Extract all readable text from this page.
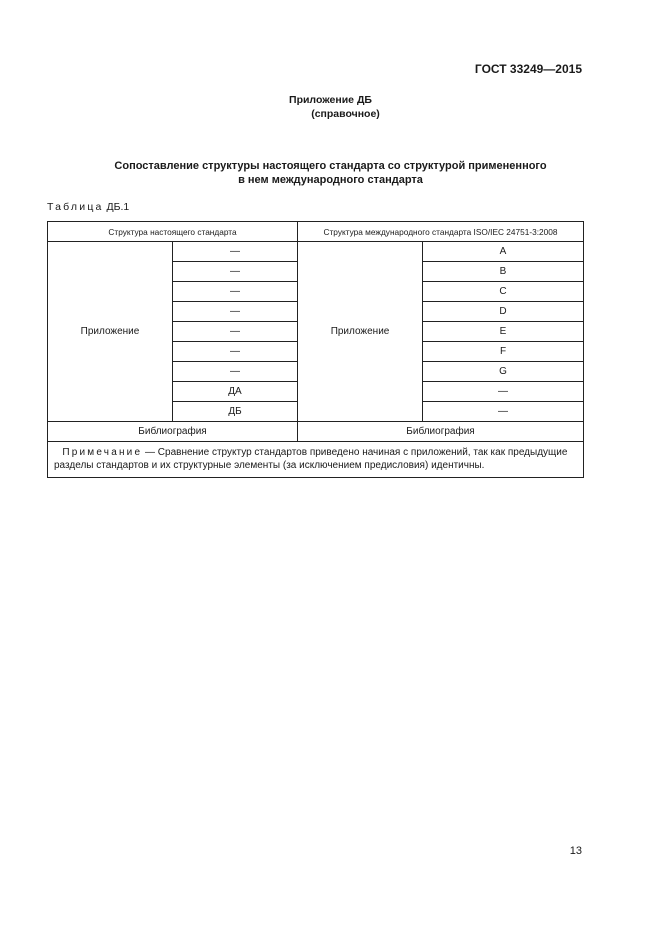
ГОСТ 33249—2015
Приложение ДБ
(справочное)
Сопоставление структуры настоящего стандарта со структурой примененного
в нем международного стандарта
Таблица ДБ.1
Структура настоящего стандарта		Структура международного стандарта ISO/IEC 24751-3:2008	
Приложение	—	Приложение	A
	—		B
	—		C
	—		D
	—		E
	—		F
	—		G
	ДА		—
	ДБ		—
Библиография		Библиография	
Примечание — Сравнение структур стандартов приведено начиная с приложений, так как предыдущие разделы стандартов и их структурные элементы (за исключением предисловия) идентичны.			
13
